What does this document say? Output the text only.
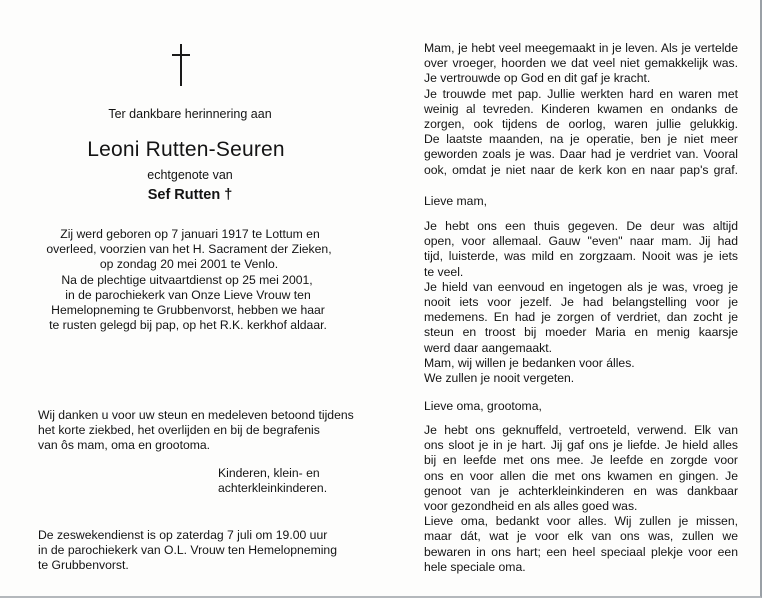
Ter dankbare herinnering aan
Leoni Rutten-Seuren
echtgenote van
Sef Rutten †
Zij werd geboren op 7 januari 1917 te Lottum en
overleed, voorzien van het H. Sacrament der Zieken,
op zondag 20 mei 2001 te Venlo.
Na de plechtige uitvaartdienst op 25 mei 2001,
in de parochiekerk van Onze Lieve Vrouw ten
Hemelopneming te Grubbenvorst, hebben we haar
te rusten gelegd bij pap, op het R.K. kerkhof aldaar.
Wij danken u voor uw steun en medeleven betoond tijdens
het korte ziekbed, het overlijden en bij de begrafenis
van ôs mam, oma en grootoma.
Kinderen, klein- en
achterkleinkinderen.
De zeswekendienst is op zaterdag 7 juli om 19.00 uur
in de parochiekerk van O.L. Vrouw ten Hemelopneming
te Grubbenvorst.
Mam, je hebt veel meegemaakt in je leven. Als je vertelde
over vroeger, hoorden we dat veel niet gemakkelijk was.
Je vertrouwde op God en dit gaf je kracht.
Je trouwde met pap. Jullie werkten hard en waren met
weinig al tevreden. Kinderen kwamen en ondanks de
zorgen, ook tijdens de oorlog, waren jullie gelukkig.
De laatste maanden, na je operatie, ben je niet meer
geworden zoals je was. Daar had je verdriet van. Vooral
ook, omdat je niet naar de kerk kon en naar pap's graf.
Lieve mam,
Je hebt ons een thuis gegeven. De deur was altijd
open, voor allemaal. Gauw "even" naar mam. Jij had
tijd, luisterde, was mild en zorgzaam. Nooit was je iets
te veel.
Je hield van eenvoud en ingetogen als je was, vroeg je
nooit iets voor jezelf. Je had belangstelling voor je
medemens. En had je zorgen of verdriet, dan zocht je
steun en troost bij moeder Maria en menig kaarsje
werd daar aangemaakt.
Mam, wij willen je bedanken voor álles.
We zullen je nooit vergeten.
Lieve oma, grootoma,
Je hebt ons geknuffeld, vertroeteld, verwend. Elk van
ons sloot je in je hart. Jij gaf ons je liefde. Je hield alles
bij en leefde met ons mee. Je leefde en zorgde voor
ons en voor allen die met ons kwamen en gingen. Je
genoot van je achterkleinkinderen en was dankbaar
voor gezondheid en als alles goed was.
Lieve oma, bedankt voor alles. Wij zullen je missen,
maar dát, wat je voor elk van ons was, zullen we
bewaren in ons hart; een heel speciaal plekje voor een
hele speciale oma.
